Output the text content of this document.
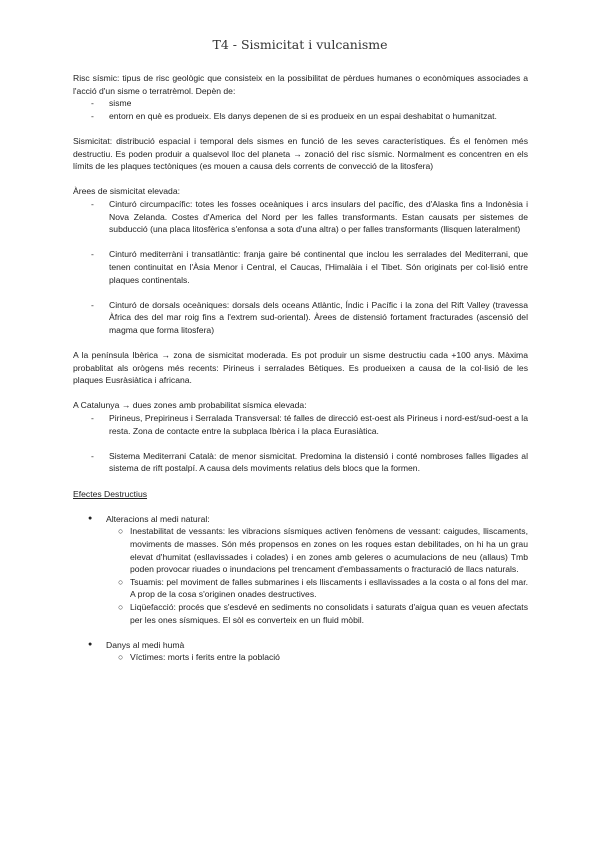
T4 - Sismicitat i vulcanisme

Risc sísmic: tipus de risc geològic que consisteix en la possibilitat de pèrdues humanes o econòmiques associades a l'acció d'un sisme o terratrèmol. Depèn de:

-	sisme
-	entorn en què es produeix. Els danys depenen de si es produeix en un espai deshabitat o humanitzat.

Sismicitat: distribució espacial i temporal dels sismes en funció de les seves característiques. És el fenòmen més destructiu. Es poden produir a qualsevol lloc del planeta → zonació del risc sísmic. Normalment es concentren en els límits de les plaques tectòniques (es mouen a causa dels corrents de convecció de la litosfera)

Àrees de sismicitat elevada:

-	Cinturó circumpacífic: totes les fosses oceàniques i arcs insulars del pacífic, des d'Alaska fins a Indonèsia i Nova Zelanda. Costes d'America del Nord per les falles transformants. Estan causats per sistemes de subducció (una placa litosfèrica s'enfonsa a sota d'una altra) o per falles transformants (llisquen lateralment)
-	Cinturó mediterràni i transatlàntic: franja gaire bé continental que inclou les serralades del Mediterrani, que tenen continuitat en l'Àsia Menor i Central, el Caucas, l'Himalàia i el Tibet. Són originats per col·lisió entre plaques continentals.
-	Cinturó de dorsals oceàniques: dorsals dels oceans Atlàntic, Índic i Pacífic i la zona del Rift Valley (travessa Àfrica des del mar roig fins a l'extrem sud-oriental). Àrees de distensió fortament fracturades (ascensió del magma que forma litosfera)

A la península Ibèrica → zona de sismicitat moderada. Es pot produir un sisme destructiu cada +100 anys. Màxima probablitat als orògens més recents: Pirineus i serralades Bètiques. Es produeixen a causa de la col·lisió de les plaques Eusràsiàtica i africana.

A Catalunya → dues zones amb probabilitat sísmica elevada:

-	Pirineus, Prepirineus i Serralada Transversal: té falles de direcció est-oest als Pirineus i nord-est/sud-oest a la resta. Zona de contacte entre la subplaca Ibèrica i la placa Eurasiàtica.
-	Sistema Mediterrani Català: de menor sismicitat. Predomina la distensió i conté nombroses falles lligades al sistema de rift postalpí. A causa dels moviments relatius dels blocs que la formen.

Efectes Destructius

●	Alteracions al medi natural:
○ Inestabilitat de vessants: les vibracions sísmiques activen fenòmens de vessant: caigudes, lliscaments, moviments de masses. Són més propensos en zones on les roques estan debilitades, on hi ha un grau elevat d'humitat (esllavissades i colades) i en zones amb geleres o acumulacions de neu (allaus) Tmb poden provocar riuades o inundacions pel trencament d'embassaments o fracturació de llacs naturals.
○ Tsuamis: pel moviment de falles submarines i els lliscaments i esllavissades a la costa o al fons del mar. A prop de la cosa s'originen onades destructives.
○ Liqüefacció: procés que s'esdevé en sediments no consolidats i saturats d'aigua quan es veuen afectats per les ones sísmiques. El sòl es converteix en un fluid mòbil.
●	Danys al medi humà
○ Víctimes: morts i ferits entre la població
